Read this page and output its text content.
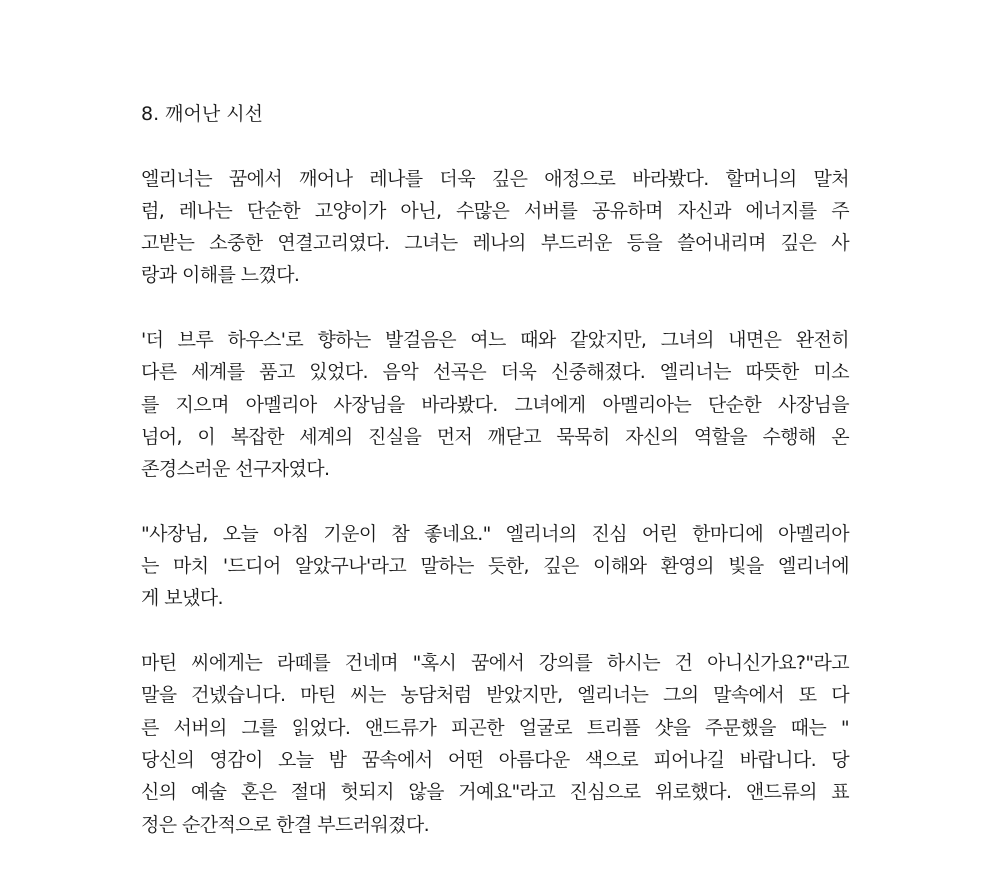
8. 깨어난 시선

엘리너는 꿈에서 깨어나 레나를 더욱 깊은 애정으로 바라봤다. 할머니의 말처
럼, 레나는 단순한 고양이가 아닌, 수많은 서버를 공유하며 자신과 에너지를 주
고받는 소중한 연결고리였다. 그녀는 레나의 부드러운 등을 쓸어내리며 깊은 사
랑과 이해를 느꼈다.

'더 브루 하우스'로 향하는 발걸음은 여느 때와 같았지만, 그녀의 내면은 완전히
다른 세계를 품고 있었다. 음악 선곡은 더욱 신중해졌다. 엘리너는 따뜻한 미소
를 지으며 아멜리아 사장님을 바라봤다. 그녀에게 아멜리아는 단순한 사장님을
넘어, 이 복잡한 세계의 진실을 먼저 깨닫고 묵묵히 자신의 역할을 수행해 온
존경스러운 선구자였다.

"사장님, 오늘 아침 기운이 참 좋네요." 엘리너의 진심 어린 한마디에 아멜리아
는 마치 '드디어 알았구나'라고 말하는 듯한, 깊은 이해와 환영의 빛을 엘리너에
게 보냈다.

마틴 씨에게는 라떼를 건네며 "혹시 꿈에서 강의를 하시는 건 아니신가요?"라고
말을 건넸습니다. 마틴 씨는 농담처럼 받았지만, 엘리너는 그의 말속에서 또 다
른 서버의 그를 읽었다. 앤드류가 피곤한 얼굴로 트리플 샷을 주문했을 때는 "
당신의 영감이 오늘 밤 꿈속에서 어떤 아름다운 색으로 피어나길 바랍니다. 당
신의 예술 혼은 절대 헛되지 않을 거예요"라고 진심으로 위로했다. 앤드류의 표
정은 순간적으로 한결 부드러워졌다.
